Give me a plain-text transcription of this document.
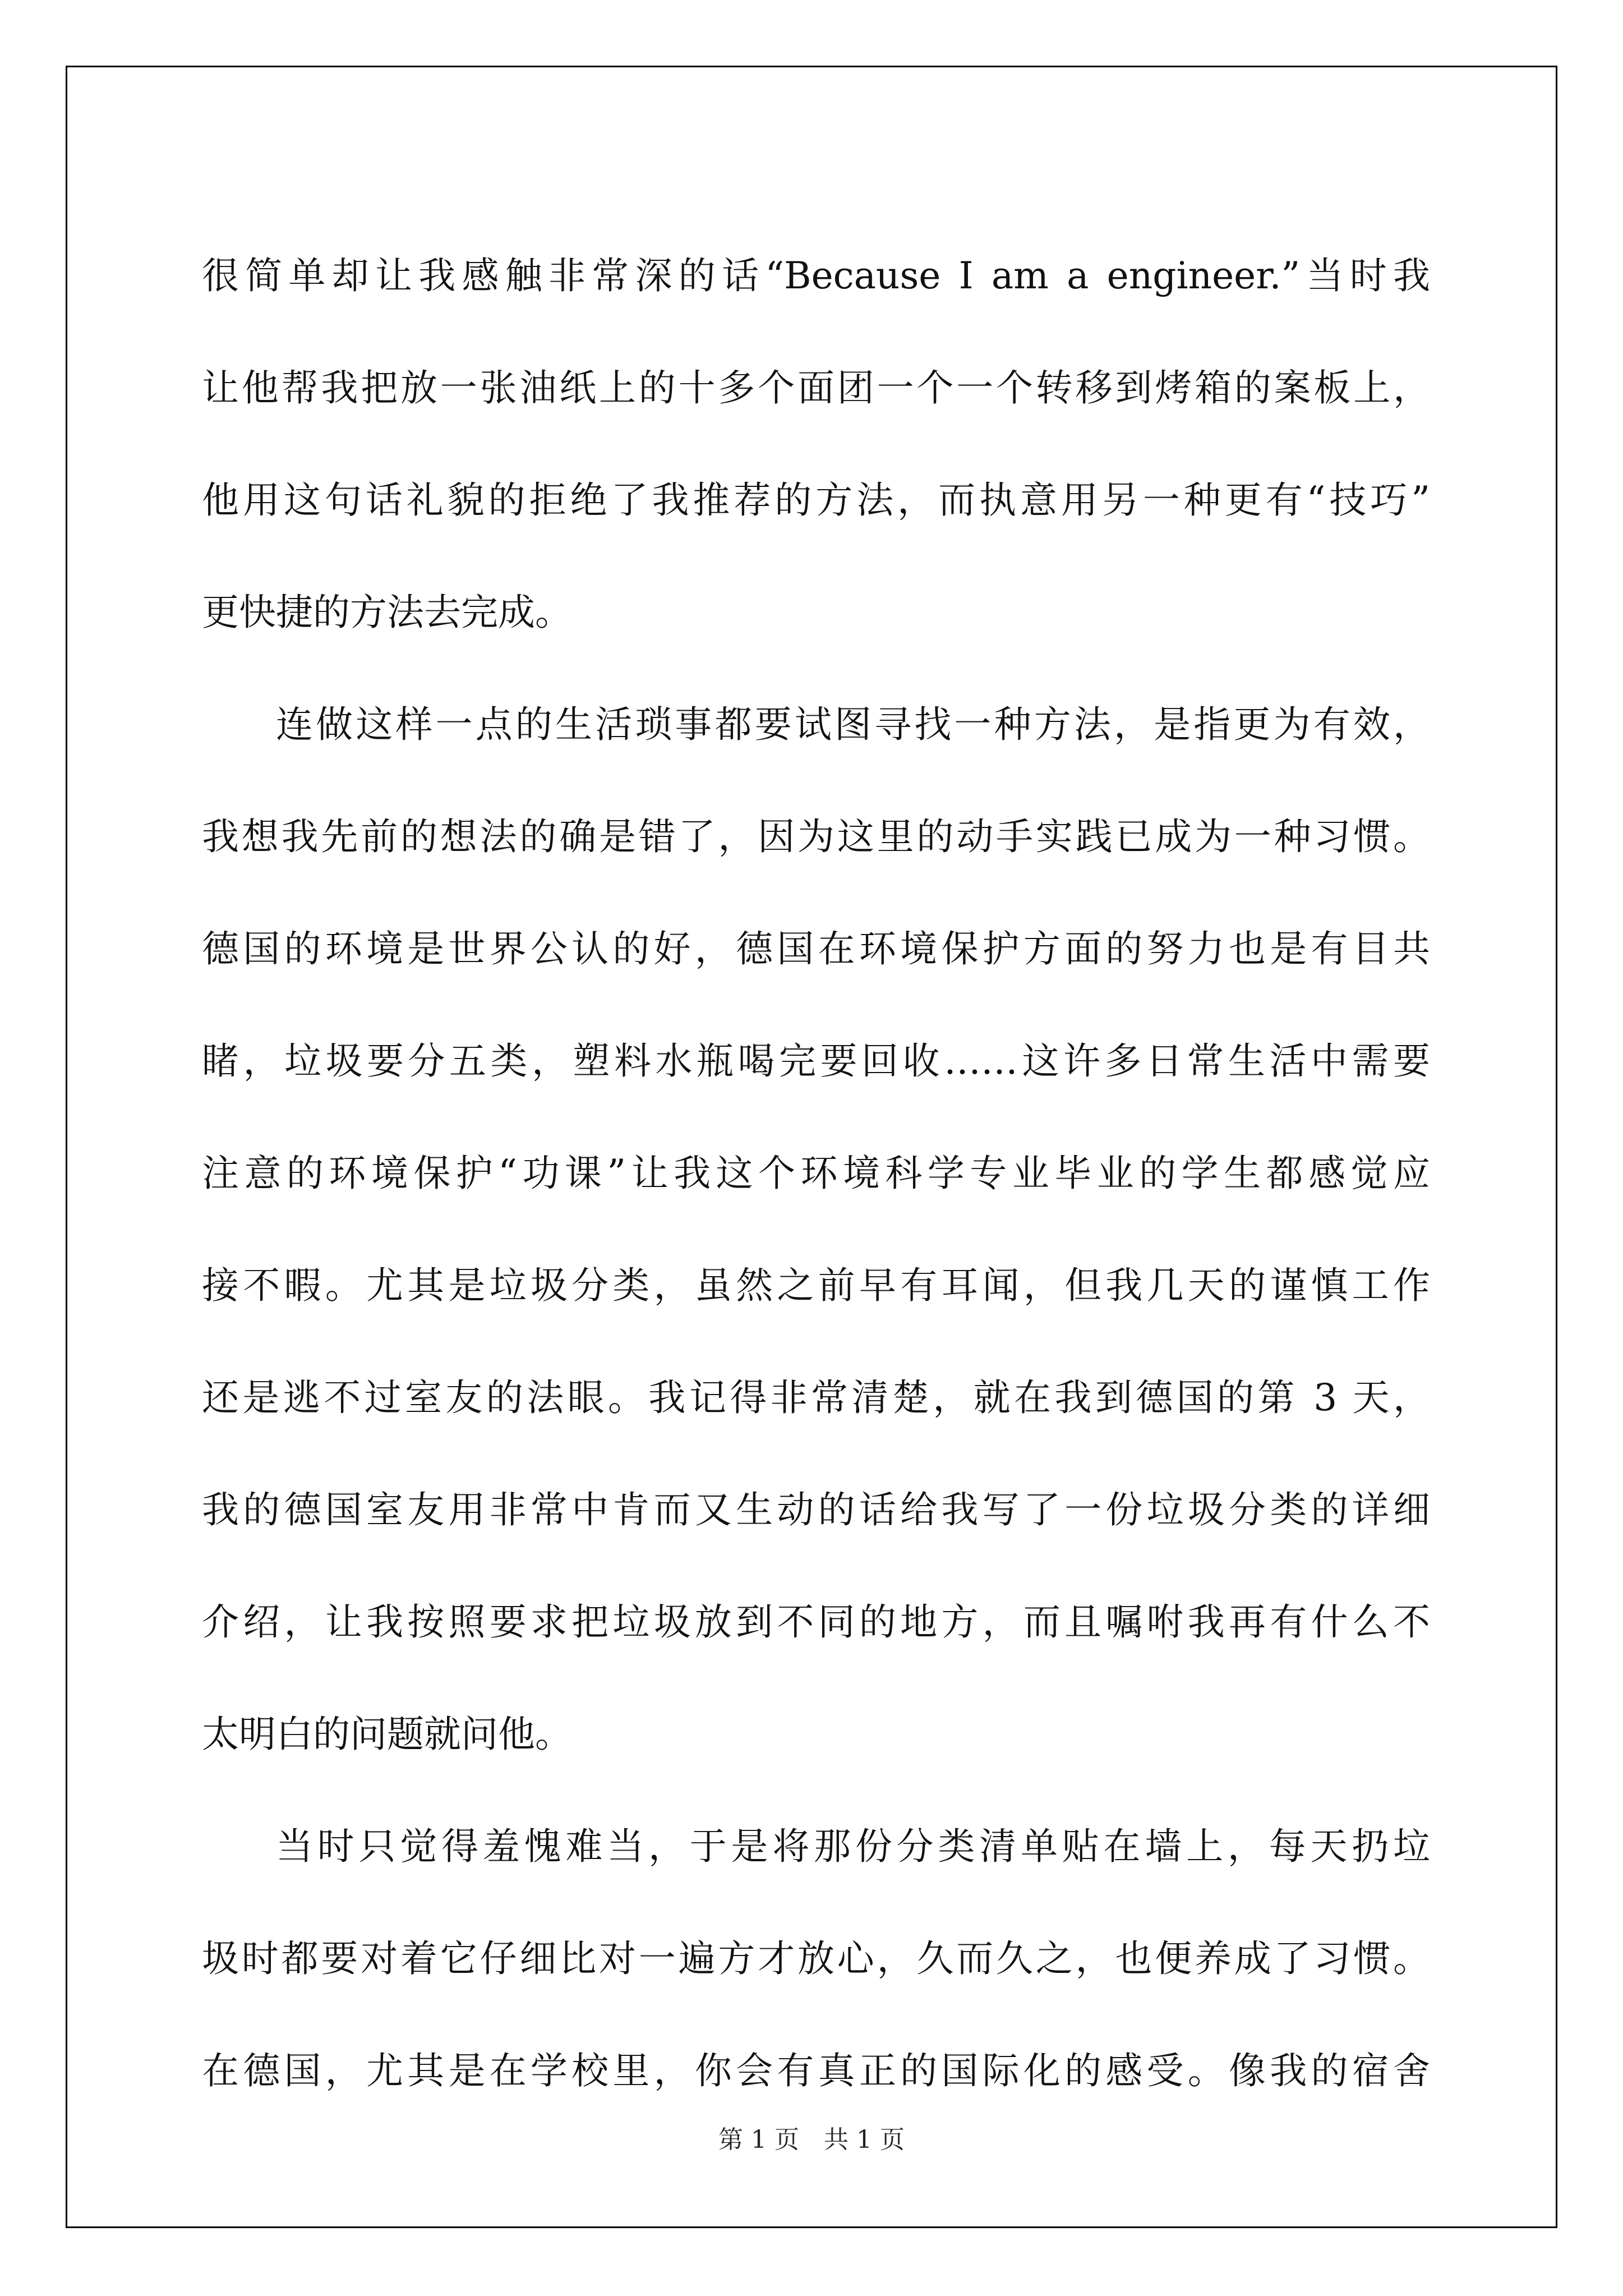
很简单却让我感触非常深的话“Because I am a engineer.”当时我
让他帮我把放一张油纸上的十多个面团一个一个转移到烤箱的案板上，
他用这句话礼貌的拒绝了我推荐的方法，而执意用另一种更有“技巧”
更快捷的方法去完成。
连做这样一点的生活琐事都要试图寻找一种方法，是指更为有效，
我想我先前的想法的确是错了，因为这里的动手实践已成为一种习惯。
德国的环境是世界公认的好，德国在环境保护方面的努力也是有目共
睹，垃圾要分五类，塑料水瓶喝完要回收……这许多日常生活中需要
注意的环境保护“功课”让我这个环境科学专业毕业的学生都感觉应
接不暇。尤其是垃圾分类，虽然之前早有耳闻，但我几天的谨慎工作
还是逃不过室友的法眼。我记得非常清楚，就在我到德国的第 3 天，
我的德国室友用非常中肯而又生动的话给我写了一份垃圾分类的详细
介绍，让我按照要求把垃圾放到不同的地方，而且嘱咐我再有什么不
太明白的问题就问他。
当时只觉得羞愧难当，于是将那份分类清单贴在墙上，每天扔垃
圾时都要对着它仔细比对一遍方才放心，久而久之，也便养成了习惯。
在德国，尤其是在学校里，你会有真正的国际化的感受。像我的宿舍
第 1 页　共 1 页
